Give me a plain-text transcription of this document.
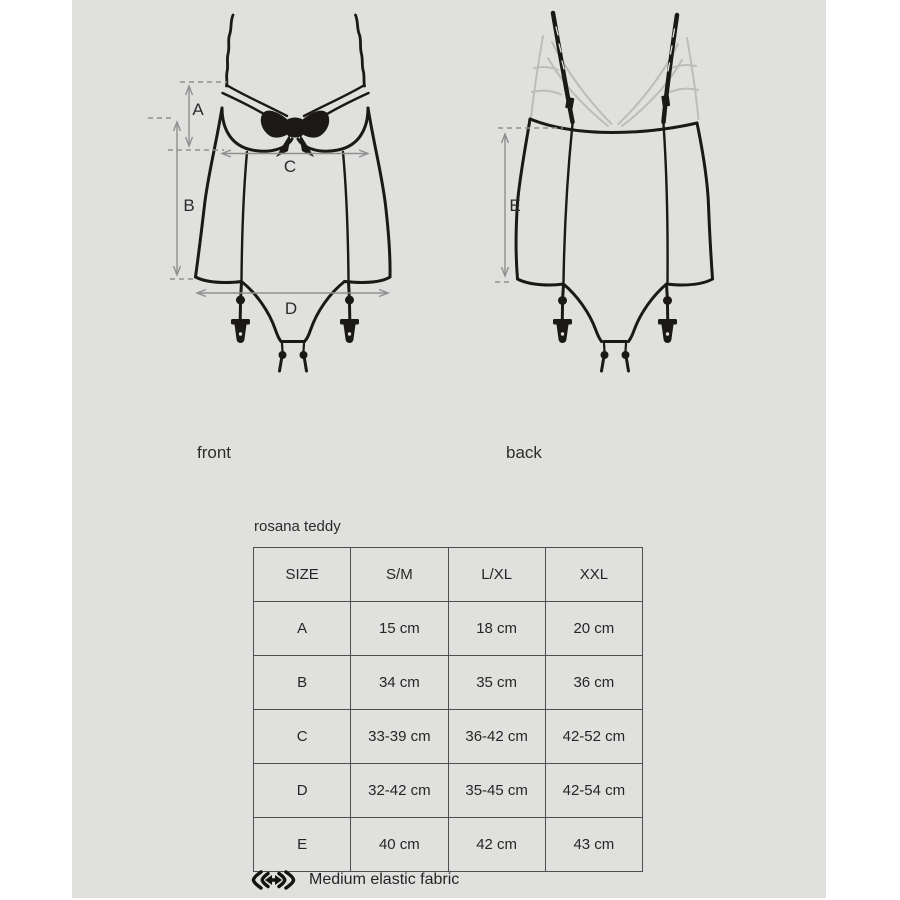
A
B
C
D
E
front	back
rosana teddy
SIZE	S/M	L/XL	XXL
A	15 cm	18 cm	20 cm
B	34 cm	35 cm	36 cm
C	33-39 cm	36-42 cm	42-52 cm
D	32-42 cm	35-45 cm	42-54 cm
E	40 cm	42 cm	43 cm
Medium elastic fabric
